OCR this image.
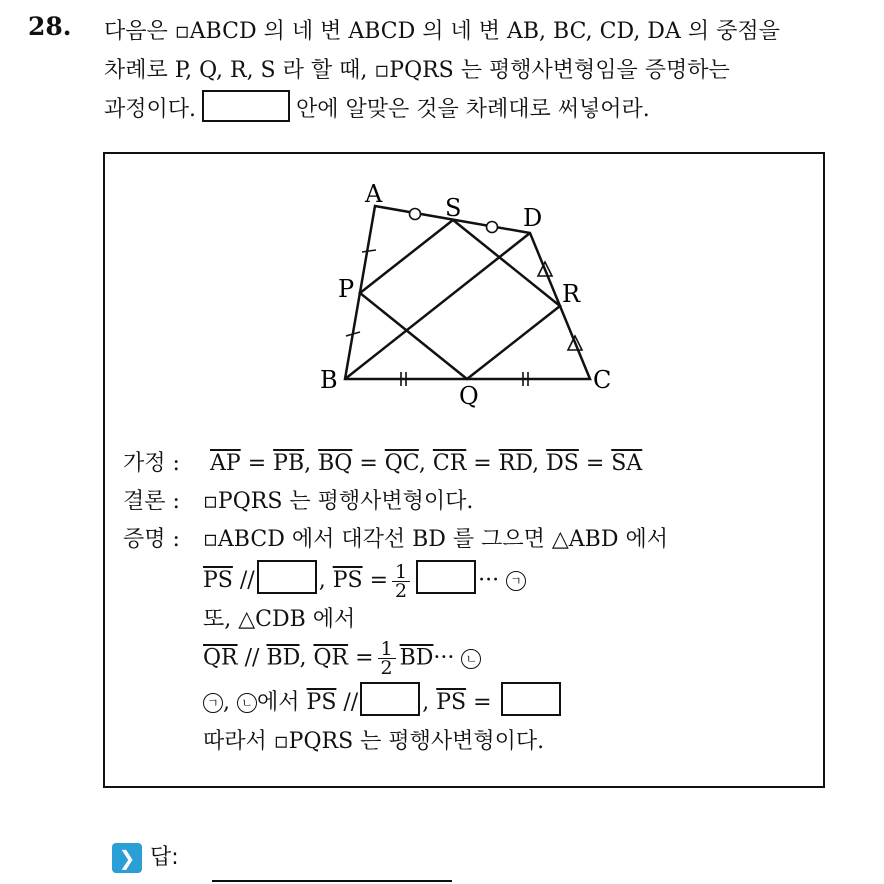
28. 다음은 ▫ABCD 의 네 변 ABCD 의 네 변 AB, BC, CD, DA 의 중점을
차례로 P, Q, R, S 라 할 때, ▫PQRS 는 평행사변형임을 증명하는
과정이다.	안에 알맞은 것을 차례대로 써넣어라.
A	S	D
P	R
B
Q
C
가정 : $\overline{AP} = \overline{PB}$, $\overline{BQ} = \overline{QC}$, $\overline{CR} = \overline{RD}$, $\overline{DS} = \overline{SA}$
결론 : ▫PQRS 는 평행사변형이다.
증명 : ▫ABCD 에서 대각선 BD 를 그으면 △ABD 에서
$\overline{PS}$ //	, $\overline{PS} = \frac{1}{2}$	··· ㄱ
또, △CDB 에서
$\overline{QR} // \overline{BD}$, $\overline{QR} = \frac{1}{2} \overline{BD}\cdot\cdot\cdot$ ㄴ
ㄱ , ㄴ 에서 $\overline{PS}$ //	, $\overline{PS}$ =
따라서 ▫PQRS 는 평행사변형이다.
❯ 답:
